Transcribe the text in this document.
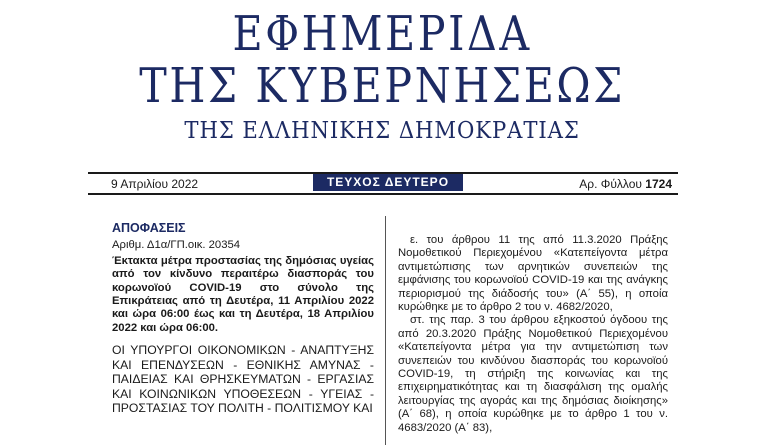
ΕΦΗΜΕΡΙΔΑ
ΤΗΣ ΚΥΒΕΡΝΗΣΕΩΣ
ΤΗΣ ΕΛΛΗΝΙΚΗΣ ΔΗΜΟΚΡΑΤΙΑΣ
9 Απριλίου 2022	ΤΕΥΧΟΣ ΔΕΥΤΕΡΟ	Αρ. Φύλλου 1724
ΑΠΟΦΑΣΕΙΣ
Αριθμ. Δ1α/ΓΠ.οικ. 20354
Έκτακτα μέτρα προστασίας της δημόσιας υγείας από τον κίνδυνο περαιτέρω διασποράς του κορωνοϊού COVID-19 στο σύνολο της Επικράτειας από τη Δευτέρα, 11 Απριλίου 2022 και ώρα 06:00 έως και τη Δευτέρα, 18 Απριλίου 2022 και ώρα 06:00.
ΟΙ ΥΠΟΥΡΓΟΙ ΟΙΚΟΝΟΜΙΚΩΝ - ΑΝΑΠΤΥΞΗΣ ΚΑΙ ΕΠΕΝΔΥΣΕΩΝ - ΕΘΝΙΚΗΣ ΑΜΥΝΑΣ - ΠΑΙΔΕΙΑΣ ΚΑΙ ΘΡΗΣΚΕΥΜΑΤΩΝ - ΕΡΓΑΣΙΑΣ ΚΑΙ ΚΟΙΝΩΝΙΚΩΝ ΥΠΟΘΕΣΕΩΝ - ΥΓΕΙΑΣ - ΠΡΟΣΤΑΣΙΑΣ ΤΟΥ ΠΟΛΙΤΗ - ΠΟΛΙΤΙΣΜΟΥ ΚΑΙ
ε. του άρθρου 11 της από 11.3.2020 Πράξης Νομοθετικού Περιεχομένου «Κατεπείγοντα μέτρα αντιμετώπισης των αρνητικών συνεπειών της εμφάνισης του κορωνοϊού COVID-19 και της ανάγκης περιορισμού της διάδοσής του» (Α΄ 55), η οποία κυρώθηκε με το άρθρο 2 του ν. 4682/2020,
στ. της παρ. 3 του άρθρου εξηκοστού όγδοου της από 20.3.2020 Πράξης Νομοθετικού Περιεχομένου «Κατεπείγοντα μέτρα για την αντιμετώπιση των συνεπειών του κινδύνου διασποράς του κορωνοϊού COVID-19, τη στήριξη της κοινωνίας και της επιχειρηματικότητας και τη διασφάλιση της ομαλής λειτουργίας της αγοράς και της δημόσιας διοίκησης» (Α΄ 68), η οποία κυρώθηκε με το άρθρο 1 του ν. 4683/2020 (Α΄ 83),
